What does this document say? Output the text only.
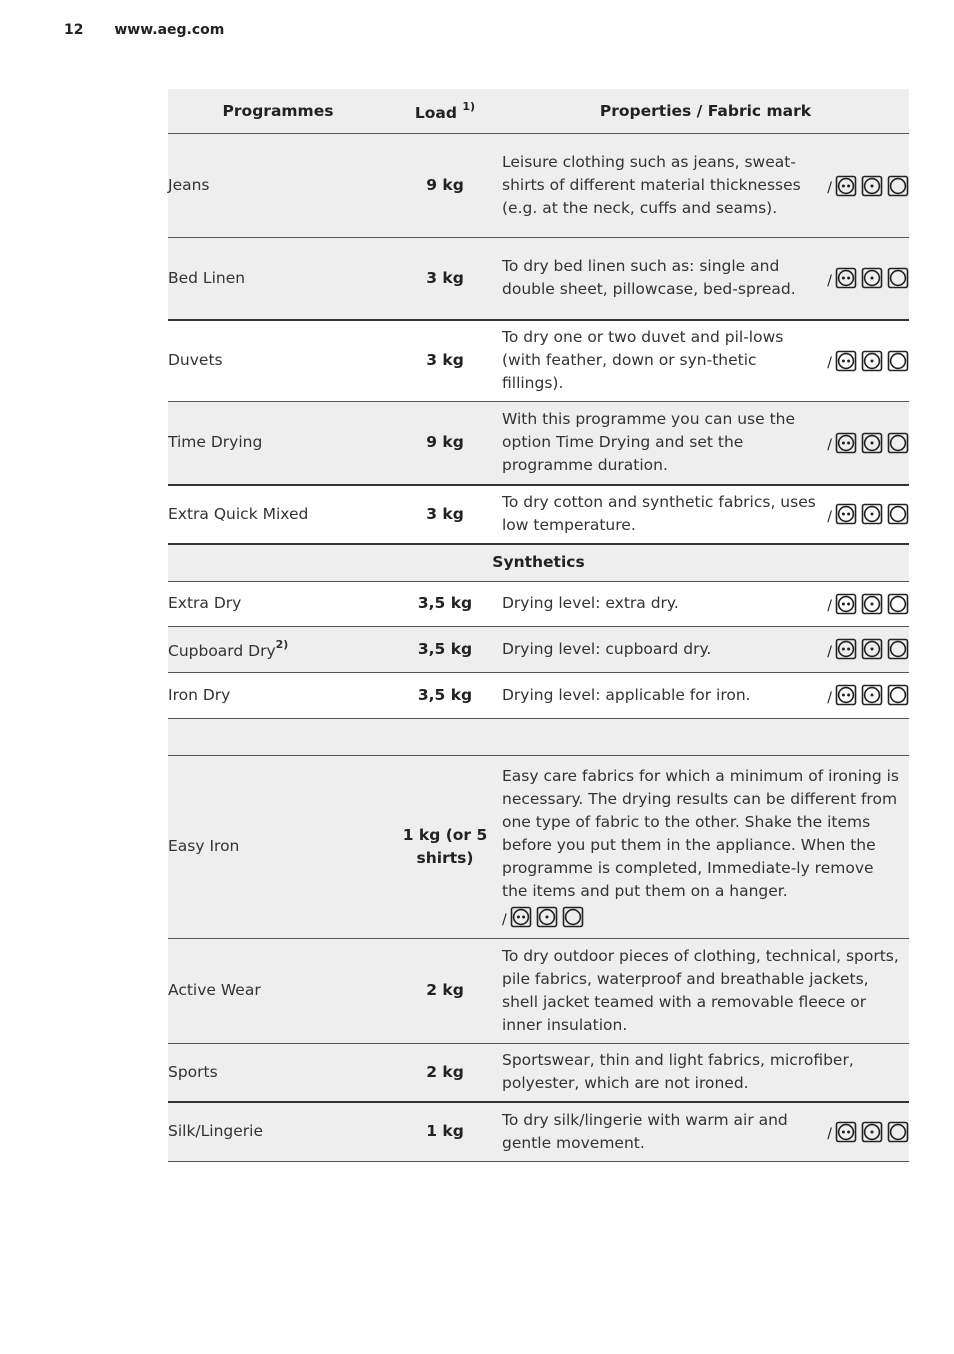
12 www.aeg.com
Programmes	Load $^{1)}$	Properties / Fabric mark
Jeans	9 kg	Leisure clothing such as jeans, sweat-shirts of different material thicknesses (e.g. at the neck, cuffs and seams).
/

Bed Linen	3 kg	To dry bed linen such as: single and double sheet, pillowcase, bed-spread. /

Duvets	3 kg	To dry one or two duvet and pil-lows (with feather, down or syn-thetic fillings).
/

Time Drying	9 kg	With this programme you can use the option Time Drying and set the programme duration.
/

Extra Quick Mixed	3 kg	To dry cotton and synthetic fabrics, uses low temperature. /

Synthetics		
Extra Dry	3,5 kg	Drying level: extra dry. /

Cupboard Dry$^{2)}$	3,5 kg	Drying level: cupboard dry. /

Iron Dry	3,5 kg	Drying level: applicable for iron. /

Easy Iron	1 kg (or 5 shirts)	Easy care fabrics for which a minimum of ironing is necessary. The drying results can be different from one type of fabric to the other. Shake the items before you put them in the appliance. When the programme is completed, Immediate-ly remove the items and put them on a hanger.
/

Active Wear	2 kg	To dry outdoor pieces of clothing, technical, sports, pile fabrics, waterproof and breathable jackets, shell jacket teamed with a removable fleece or inner insulation.

Sports	2 kg	Sportswear, thin and light fabrics, microfiber, polyester, which are not ironed.

Silk/Lingerie	1 kg	To dry silk/lingerie with warm air and gentle movement. /
